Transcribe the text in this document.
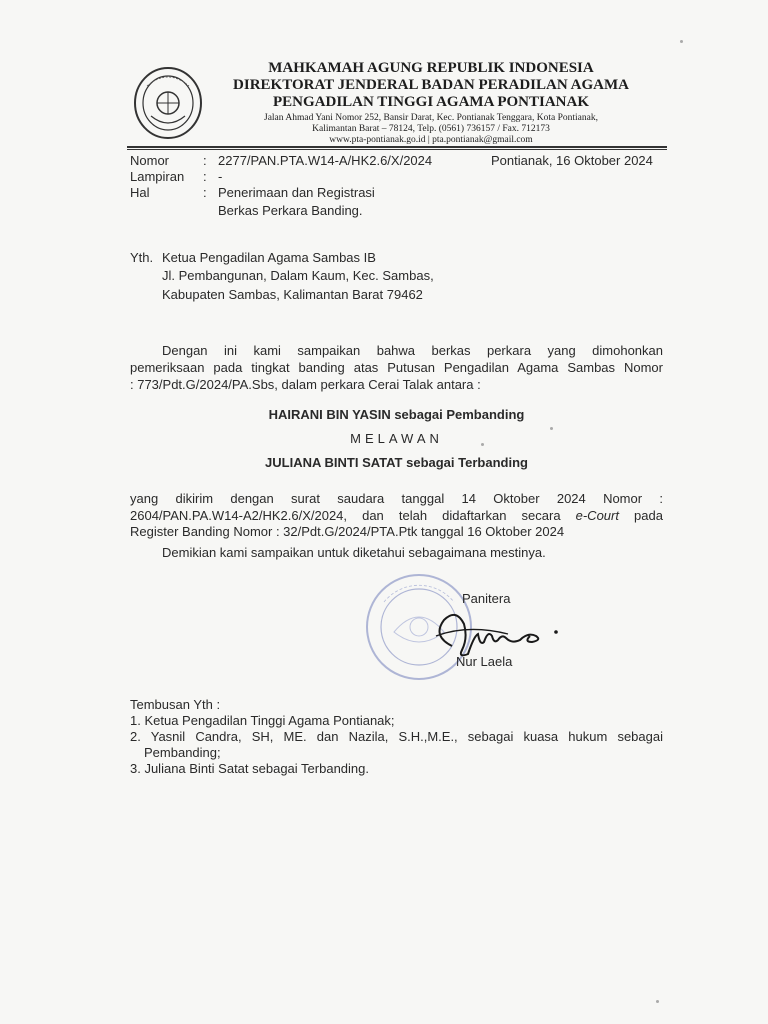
MAHKAMAH AGUNG REPUBLIK INDONESIA
DIREKTORAT JENDERAL BADAN PERADILAN AGAMA
PENGADILAN TINGGI AGAMA PONTIANAK
Jalan Ahmad Yani Nomor 252, Bansir Darat, Kec. Pontianak Tenggara, Kota Pontianak,
Kalimantan Barat – 78124, Telp. (0561) 736157 / Fax. 712173
www.pta-pontianak.go.id | pta.pontianak@gmail.com
Nomor	: 2277/PAN.PTA.W14-A/HK2.6/X/2024	Pontianak, 16 Oktober 2024
Lampiran : -
Hal	: Penerimaan dan Registrasi
Berkas Perkara Banding.
Yth. Ketua Pengadilan Agama Sambas IB
Jl. Pembangunan, Dalam Kaum, Kec. Sambas,
Kabupaten Sambas, Kalimantan Barat 79462
Dengan ini kami sampaikan bahwa berkas perkara yang dimohonkan
pemeriksaan pada tingkat banding atas Putusan Pengadilan Agama Sambas Nomor
: 773/Pdt.G/2024/PA.Sbs, dalam perkara Cerai Talak antara :
HAIRANI BIN YASIN sebagai Pembanding
MELAWAN
JULIANA BINTI SATAT sebagai Terbanding
yang dikirim dengan surat saudara tanggal 14 Oktober 2024 Nomor :
2604/PAN.PA.W14-A2/HK2.6/X/2024, dan telah didaftarkan secara e-Court pada
Register Banding Nomor : 32/Pdt.G/2024/PTA.Ptk tanggal 16 Oktober 2024
Demikian kami sampaikan untuk diketahui sebagaimana mestinya.
Panitera
Nur Laela
Tembusan Yth :
1. Ketua Pengadilan Tinggi Agama Pontianak;
2. Yasnil Candra, SH, ME. dan Nazila, S.H.,M.E., sebagai kuasa hukum sebagai
Pembanding;
3. Juliana Binti Satat sebagai Terbanding.
